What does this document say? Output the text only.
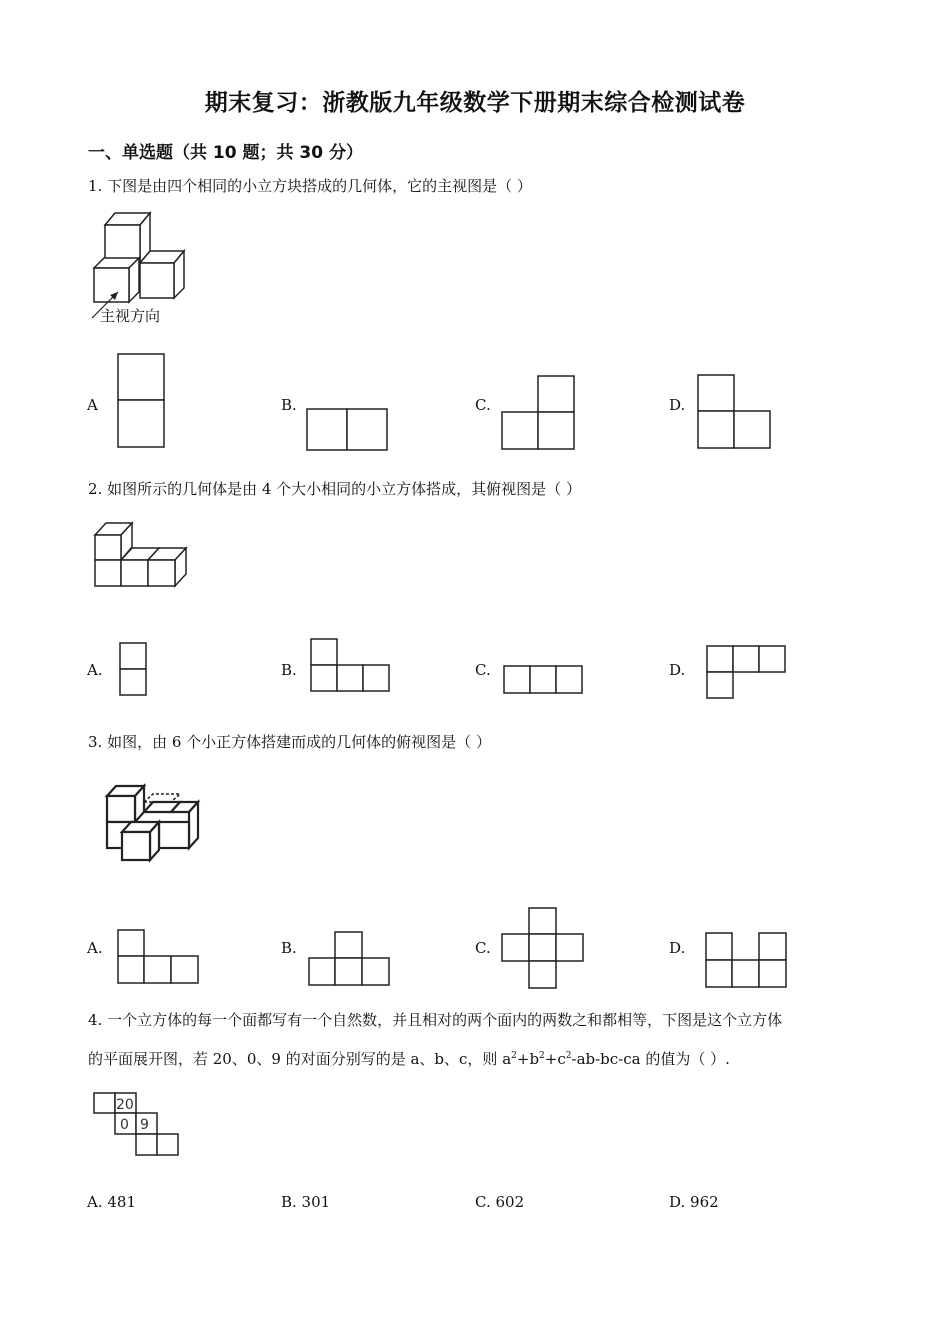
期末复习：浙教版九年级数学下册期末综合检测试卷
一、单选题（共 10 题；共 30 分）
1. 下图是由四个相同的小立方块搭成的几何体，它的主视图是（ ）
主视方向
A	B.	C.	D.
2. 如图所示的几何体是由 4 个大小相同的小立方体搭成，其俯视图是（ ）
A.	B.	C.	D.
3. 如图，由 6 个小正方体搭建而成的几何体的俯视图是（ ）
A.	B.	C.	D.
4. 一个立方体的每一个面都写有一个自然数，并且相对的两个面内的两数之和都相等，下图是这个立方体
的平面展开图，若 20、0、9 的对面分别写的是 a、b、c，则 $a^2+b^2+c^2-ab-bc-ca$ 的值为（ ）.
20
0 9
A. 481	B. 301	C. 602	D. 962
